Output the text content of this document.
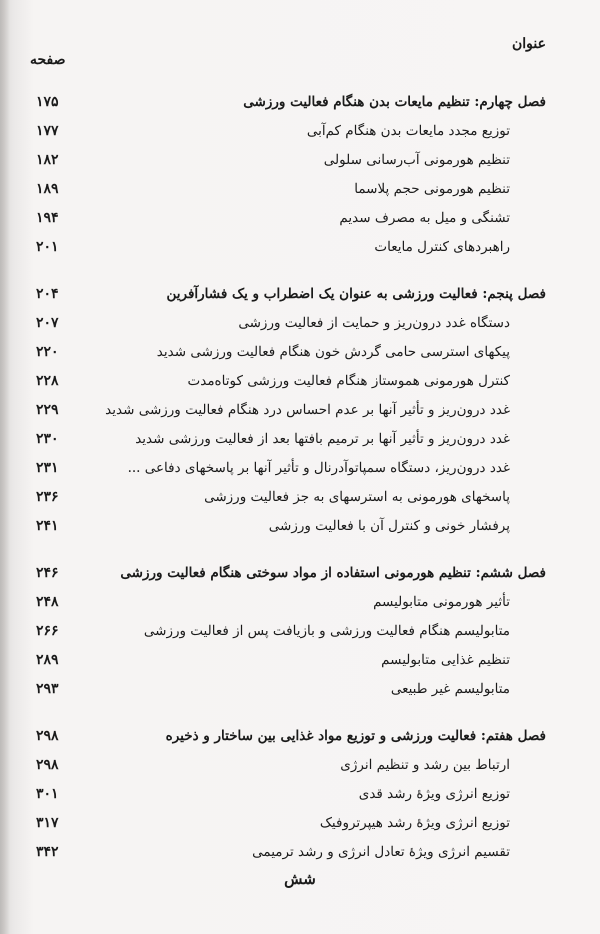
عنوان
صفحه
فصل چهارم: تنظیم مایعات بدن هنگام فعالیت ورزشی
۱۷۵
توزیع مجدد مایعات بدن هنگام کم‌آبی
۱۷۷
تنظیم هورمونی آب‌رسانی سلولی
۱۸۲
تنظیم هورمونی حجم پلاسما
۱۸۹
تشنگی و میل به مصرف سدیم
۱۹۴
راهبردهای کنترل مایعات
۲۰۱
فصل پنجم: فعالیت ورزشی به عنوان یک اضطراب و یک فشارآفرین
۲۰۴
دستگاه غدد درون‌ریز و حمایت از فعالیت ورزشی
۲۰۷
پیکهای استرسی حامی گردش خون هنگام فعالیت ورزشی شدید
۲۲۰
کنترل هورمونی هموستاز هنگام فعالیت ورزشی کوتاه‌مدت
۲۲۸
غدد درون‌ریز و تأثیر آنها بر عدم احساس درد هنگام فعالیت ورزشی شدید
۲۲۹
غدد درون‌ریز و تأثیر آنها بر ترمیم بافتها بعد از فعالیت ورزشی شدید
۲۳۰
غدد درون‌ریز، دستگاه سمپاتوآدرنال و تأثیر آنها بر پاسخهای دفاعی ...
۲۳۱
پاسخهای هورمونی به استرسهای به جز فعالیت ورزشی
۲۳۶
پرفشار خونی و کنترل آن با فعالیت ورزشی
۲۴۱
فصل ششم: تنظیم هورمونی استفاده از مواد سوختی هنگام فعالیت ورزشی
۲۴۶
تأثیر هورمونی متابولیسم
۲۴۸
متابولیسم هنگام فعالیت ورزشی و بازیافت پس از فعالیت ورزشی
۲۶۶
تنظیم غذایی متابولیسم
۲۸۹
متابولیسم غیر طبیعی
۲۹۳
فصل هفتم: فعالیت ورزشی و توزیع مواد غذایی بین ساختار و ذخیره
۲۹۸
ارتباط بین رشد و تنظیم انرژی
۲۹۸
توزیع انرژی ویژهٔ رشد قدی
۳۰۱
توزیع انرژی ویژهٔ رشد هیپرتروفیک
۳۱۷
تقسیم انرژی ویژهٔ تعادل انرژی و رشد ترمیمی
۳۴۲
شش
